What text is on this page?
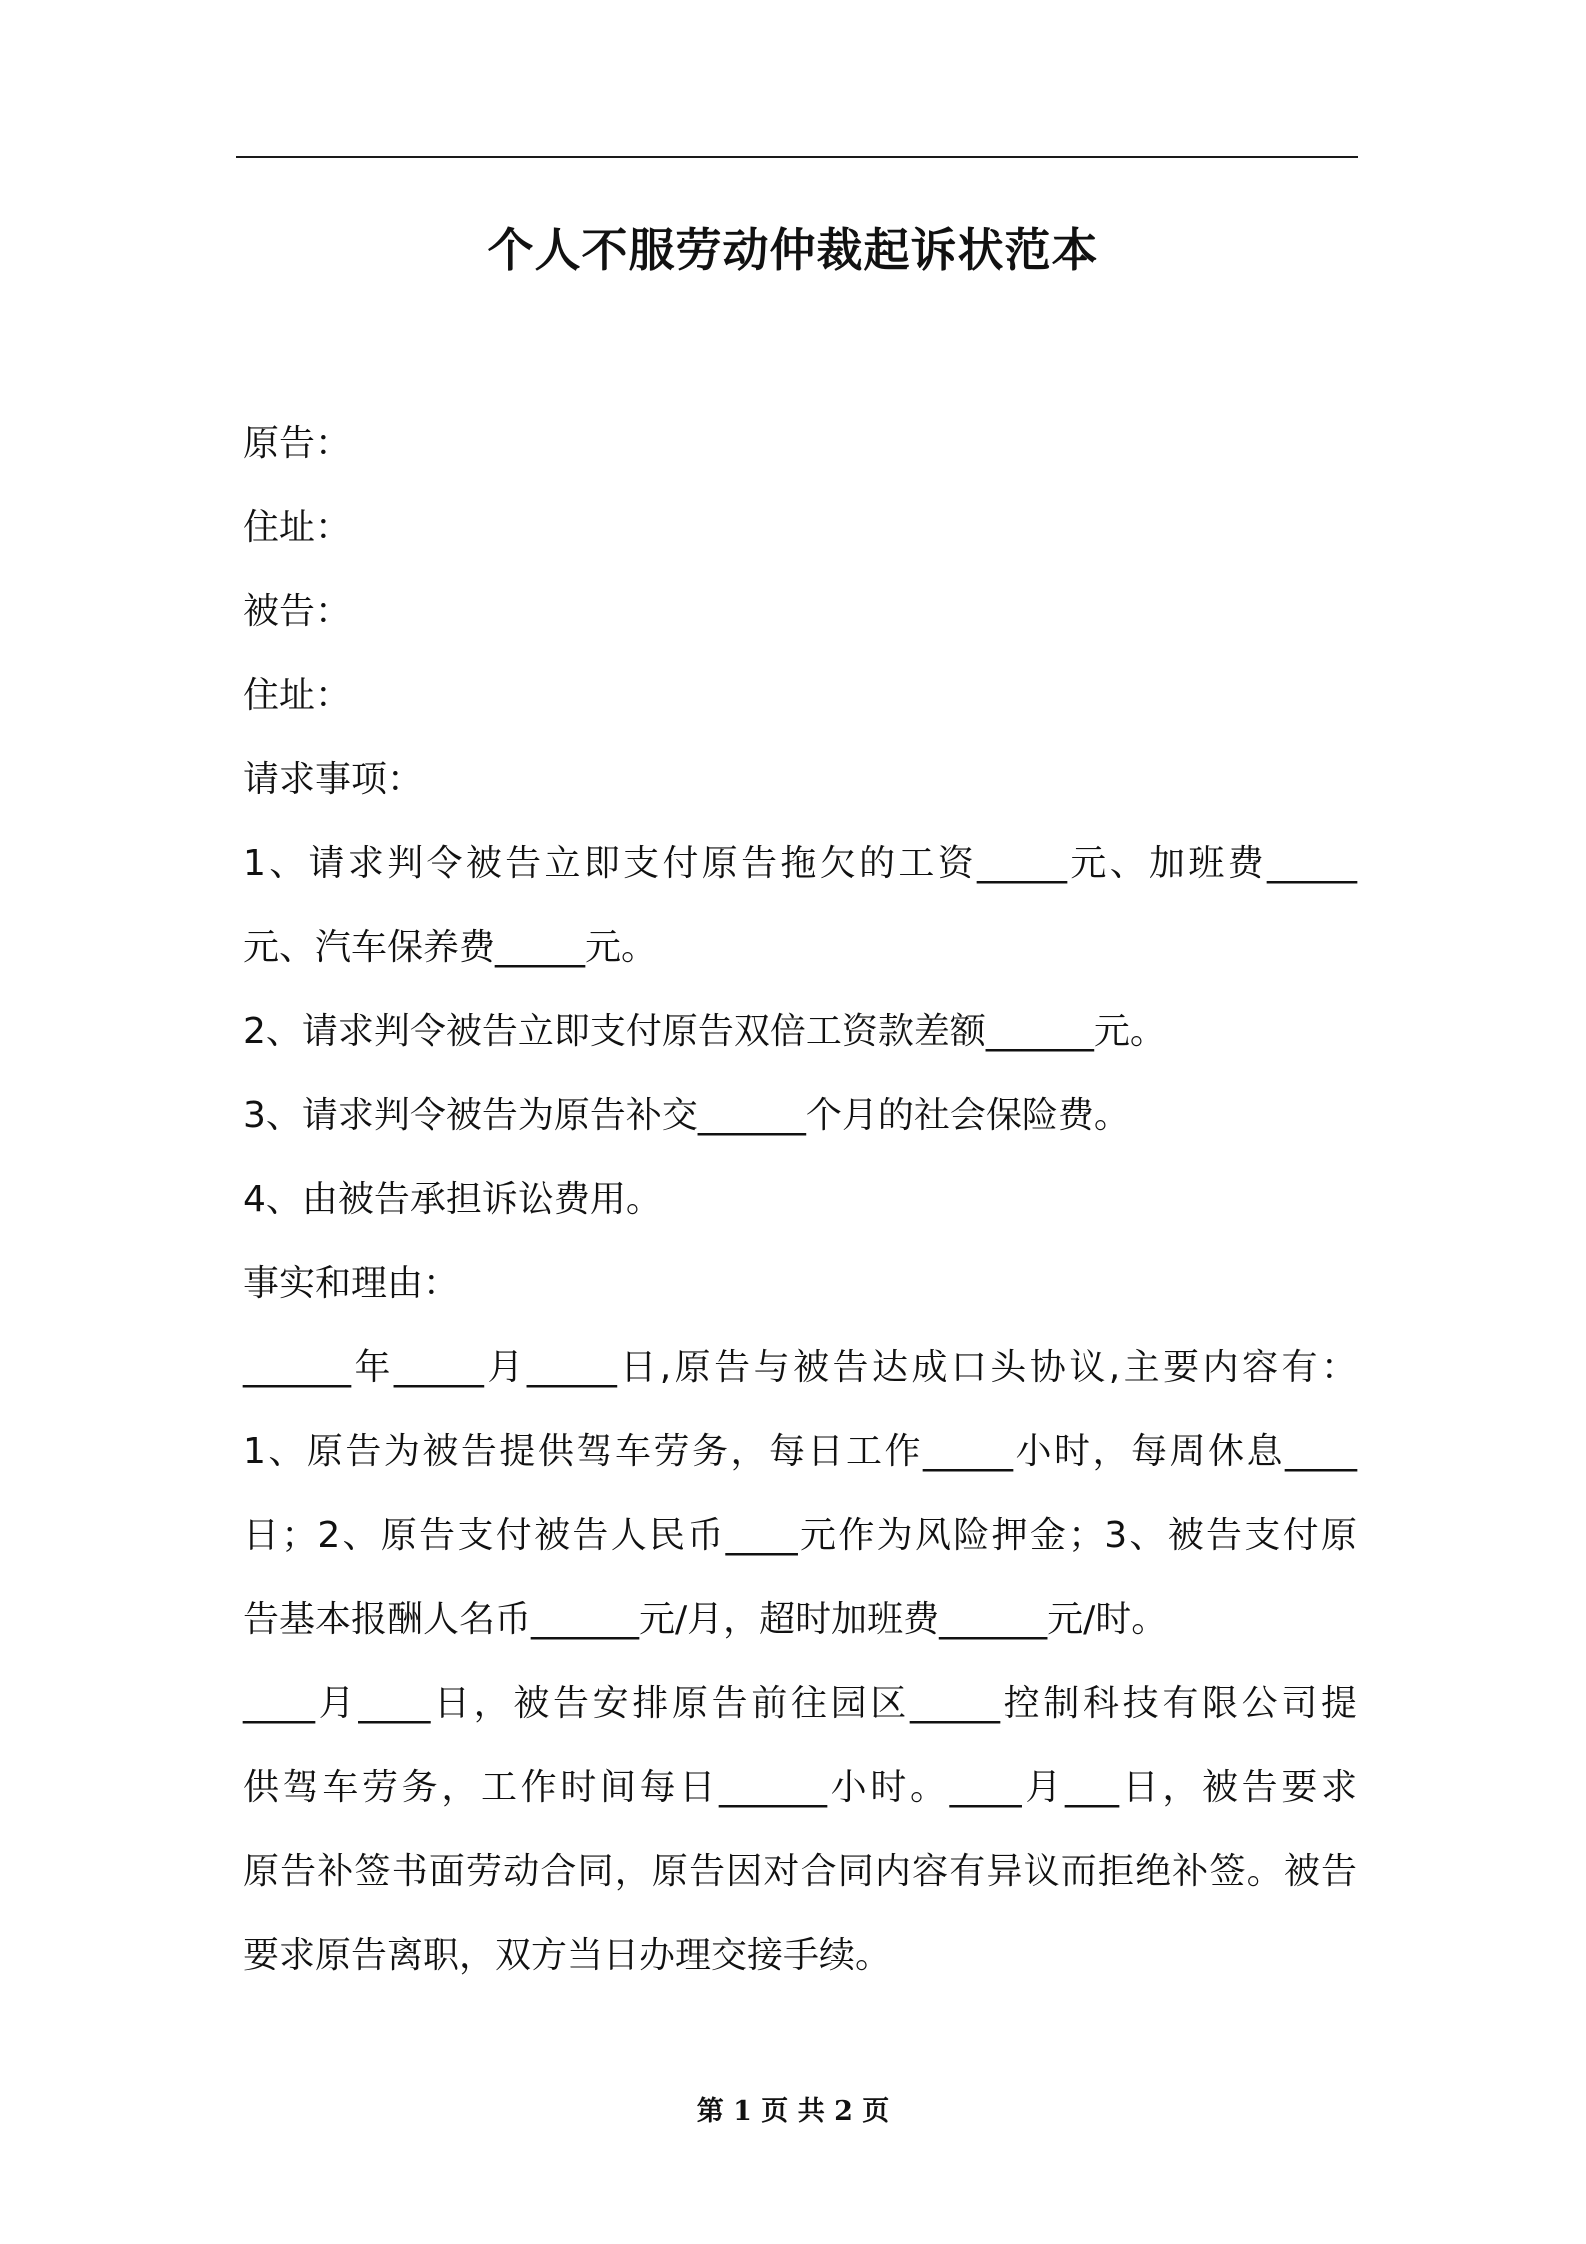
个人不服劳动仲裁起诉状范本
原告：
住址：
被告：
住址：
请求事项：
1、请求判令被告立即支付原告拖欠的工资_____元、加班费_____
元、汽车保养费_____元。
2、请求判令被告立即支付原告双倍工资款差额______元。
3、请求判令被告为原告补交______个月的社会保险费。
4、由被告承担诉讼费用。
事实和理由：
______年_____月_____日,原告与被告达成口头协议,主要内容有：
1、原告为被告提供驾车劳务，每日工作_____小时，每周休息____
日；2、原告支付被告人民币____元作为风险押金；3、被告支付原
告基本报酬人名币______元/月，超时加班费______元/时。
____月____日，被告安排原告前往园区_____控制科技有限公司提
供驾车劳务，工作时间每日______小时。____月___日，被告要求
原告补签书面劳动合同，原告因对合同内容有异议而拒绝补签。被告
要求原告离职，双方当日办理交接手续。
第 1 页 共 2 页
